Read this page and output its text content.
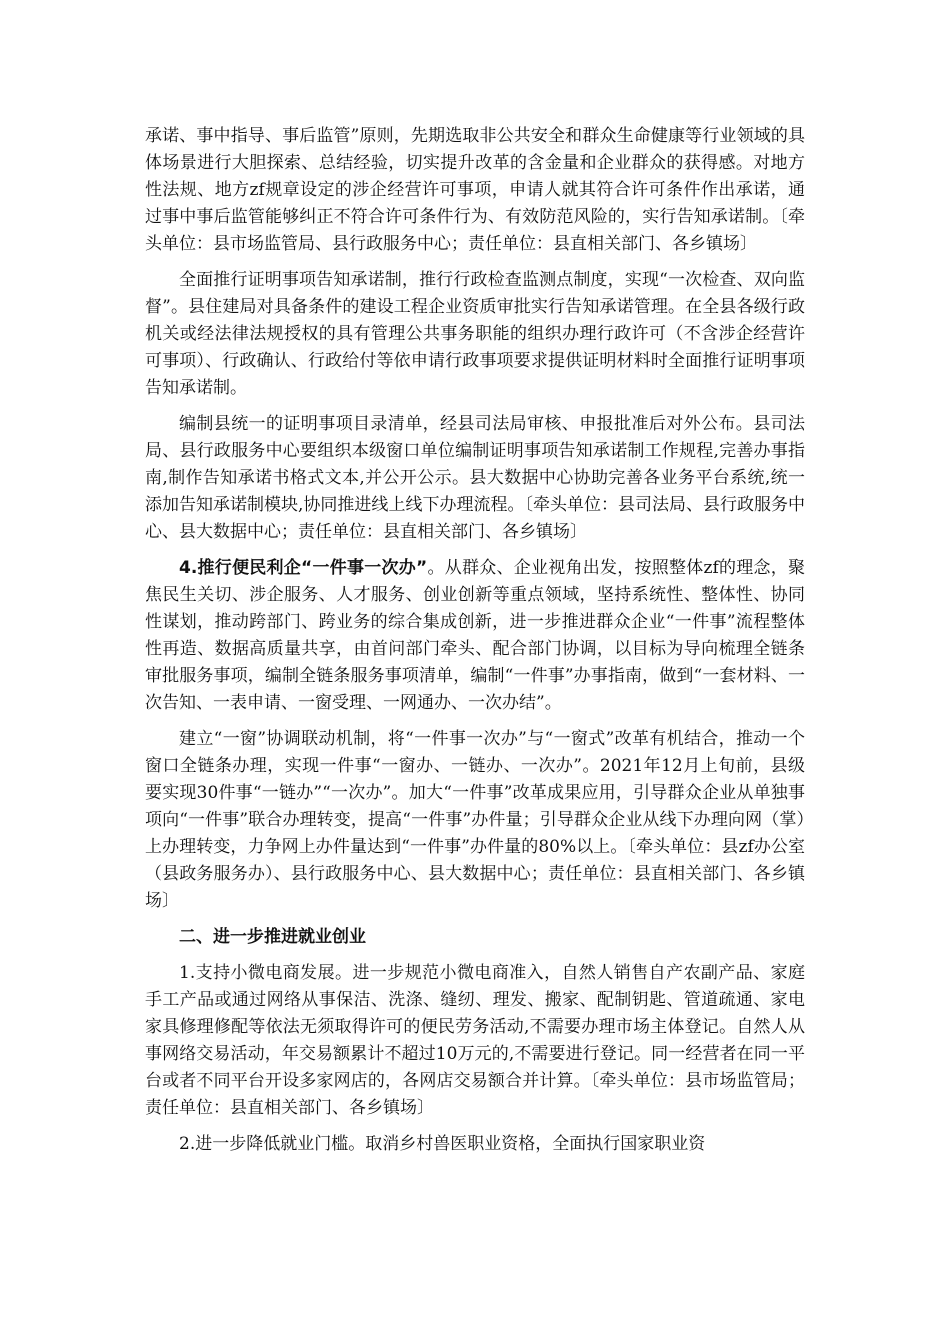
承诺、事中指导、事后监管”原则，先期选取非公共安全和群众生命健康等行业领域的具体场景进行大胆探索、总结经验，切实提升改革的含金量和企业群众的获得感。对地方性法规、地方zf规章设定的涉企经营许可事项，申请人就其符合许可条件作出承诺，通过事中事后监管能够纠正不符合许可条件行为、有效防范风险的，实行告知承诺制。〔牵头单位：县市场监管局、县行政服务中心；责任单位：县直相关部门、各乡镇场〕

全面推行证明事项告知承诺制，推行行政检查监测点制度，实现“一次检查、双向监督”。县住建局对具备条件的建设工程企业资质审批实行告知承诺管理。在全县各级行政机关或经法律法规授权的具有管理公共事务职能的组织办理行政许可（不含涉企经营许可事项）、行政确认、行政给付等依申请行政事项要求提供证明材料时全面推行证明事项告知承诺制。

编制县统一的证明事项目录清单，经县司法局审核、申报批准后对外公布。县司法局、县行政服务中心要组织本级窗口单位编制证明事项告知承诺制工作规程,完善办事指南,制作告知承诺书格式文本,并公开公示。县大数据中心协助完善各业务平台系统,统一添加告知承诺制模块,协同推进线上线下办理流程。〔牵头单位：县司法局、县行政服务中心、县大数据中心；责任单位：县直相关部门、各乡镇场〕

4.推行便民利企“一件事一次办”。从群众、企业视角出发，按照整体zf的理念，聚焦民生关切、涉企服务、人才服务、创业创新等重点领域，坚持系统性、整体性、协同性谋划，推动跨部门、跨业务的综合集成创新，进一步推进群众企业“一件事”流程整体性再造、数据高质量共享，由首问部门牵头、配合部门协调，以目标为导向梳理全链条审批服务事项，编制全链条服务事项清单，编制“一件事”办事指南，做到“一套材料、一次告知、一表申请、一窗受理、一网通办、一次办结”。

建立“一窗”协调联动机制，将“一件事一次办”与“一窗式”改革有机结合，推动一个窗口全链条办理，实现一件事“一窗办、一链办、一次办”。2021年12月上旬前，县级要实现30件事“一链办”“一次办”。加大“一件事”改革成果应用，引导群众企业从单独事项向“一件事”联合办理转变，提高“一件事”办件量；引导群众企业从线下办理向网（掌）上办理转变，力争网上办件量达到“一件事”办件量的80%以上。〔牵头单位：县zf办公室（县政务服务办）、县行政服务中心、县大数据中心；责任单位：县直相关部门、各乡镇场〕

二、进一步推进就业创业

1.支持小微电商发展。进一步规范小微电商准入，自然人销售自产农副产品、家庭手工产品或通过网络从事保洁、洗涤、缝纫、理发、搬家、配制钥匙、管道疏通、家电家具修理修配等依法无须取得许可的便民劳务活动,不需要办理市场主体登记。自然人从事网络交易活动，年交易额累计不超过10万元的,不需要进行登记。同一经营者在同一平台或者不同平台开设多家网店的，各网店交易额合并计算。〔牵头单位：县市场监管局；责任单位：县直相关部门、各乡镇场〕

2.进一步降低就业门槛。取消乡村兽医职业资格，全面执行国家职业资
